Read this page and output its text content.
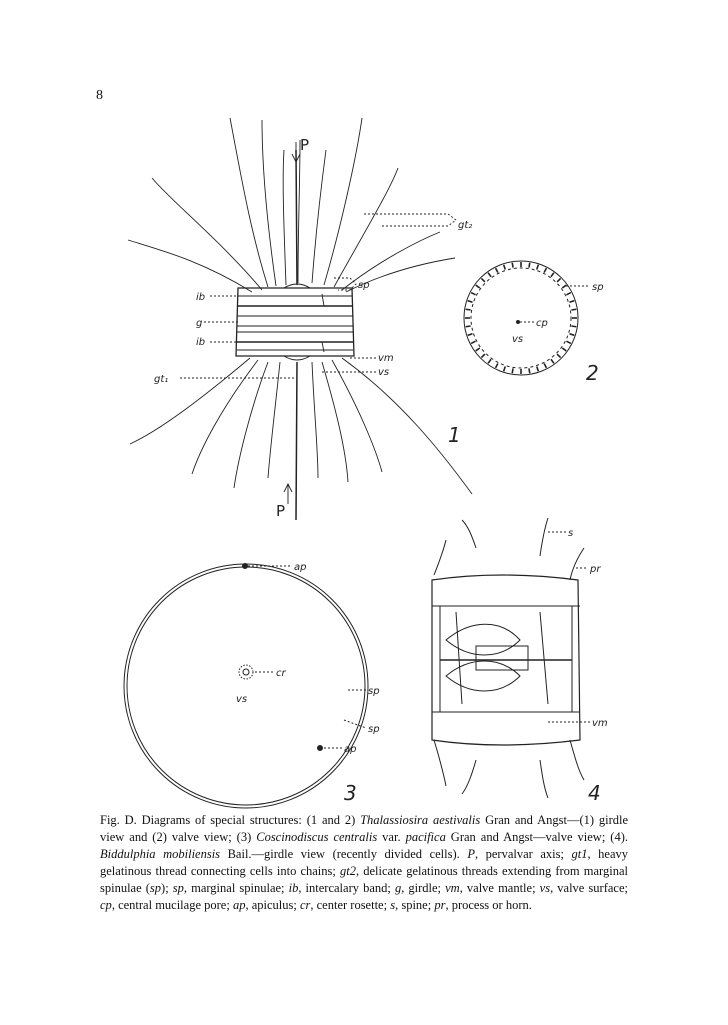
8
P
P
gt₂
sp
ib
g
ib
vm
vs
gt₁
1
sp
cp
vs
2
ap
cr
vs
sp
sp
ap
3
s
pr
vm
4

Fig. D. Diagrams of special structures: (1 and 2) Thalassiosira aestivalis Gran and Angst—(1) girdle view and (2) valve view; (3) Coscinodiscus centralis var. pacifica Gran and Angst—valve view; (4). Biddulphia mobiliensis Bail.—girdle view (recently divided cells). P, pervalvar axis; gt1, heavy gelatinous thread connecting cells into chains; gt2, delicate gelatinous threads extending from marginal spinulae (sp); sp, marginal spinulae; ib, intercalary band; g, girdle; vm, valve mantle; vs, valve surface; cp, central mucilage pore; ap, apiculus; cr, center rosette; s, spine; pr, process or horn.
